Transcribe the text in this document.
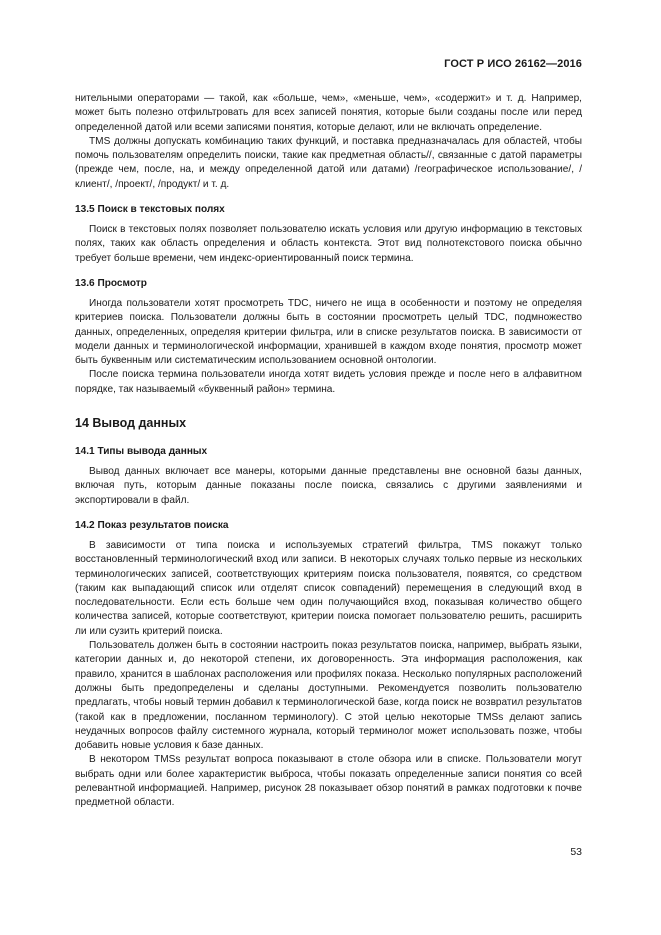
ГОСТ Р ИСО 26162—2016

нительными операторами — такой, как «больше, чем», «меньше, чем», «содержит» и т. д. Например, может быть полезно отфильтровать для всех записей понятия, которые были созданы после или перед определенной датой или всеми записями понятия, которые делают, или не включать определение.

TMS должны допускать комбинацию таких функций, и поставка предназначалась для областей, чтобы помочь пользователям определить поиски, такие как предметная область//, связанные с датой параметры (прежде чем, после, на, и между определенной датой или датами) /географическое использование/, /клиент/, /проект/, /продукт/ и т. д.

13.5 Поиск в текстовых полях

Поиск в текстовых полях позволяет пользователю искать условия или другую информацию в текстовых полях, таких как область определения и область контекста. Этот вид полнотекстового поиска обычно требует больше времени, чем индекс-ориентированный поиск термина.

13.6 Просмотр

Иногда пользователи хотят просмотреть TDC, ничего не ища в особенности и поэтому не определяя критериев поиска. Пользователи должны быть в состоянии просмотреть целый TDC, подмножество данных, определенных, определяя критерии фильтра, или в списке результатов поиска. В зависимости от модели данных и терминологической информации, хранившей в каждом входе понятия, просмотр может быть буквенным или систематическим использованием основной онтологии.

После поиска термина пользователи иногда хотят видеть условия прежде и после него в алфавитном порядке, так называемый «буквенный район» термина.

14 Вывод данных
14.1 Типы вывода данных

Вывод данных включает все манеры, которыми данные представлены вне основной базы данных, включая путь, которым данные показаны после поиска, связались с другими заявлениями и экспортировали в файл.

14.2 Показ результатов поиска

В зависимости от типа поиска и используемых стратегий фильтра, TMS покажут только восстановленный терминологический вход или записи. В некоторых случаях только первые из нескольких терминологических записей, соответствующих критериям поиска пользователя, появятся, со средством (таким как выпадающий список или отделят список совпадений) перемещения в следующий вход в последовательности. Если есть больше чем один получающийся вход, показывая количество общего количества записей, которые соответствуют, критерии поиска помогает пользователю решить, расширить ли или сузить критерий поиска.

Пользователь должен быть в состоянии настроить показ результатов поиска, например, выбрать языки, категории данных и, до некоторой степени, их договоренность. Эта информация расположения, как правило, хранится в шаблонах расположения или профилях показа. Несколько популярных расположений должны быть предопределены и сделаны доступными. Рекомендуется позволить пользователю предлагать, чтобы новый термин добавил к терминологической базе, когда поиск не возвратил результатов (такой как в предложении, посланном терминологу). С этой целью некоторые TMSs делают запись неудачных вопросов файлу системного журнала, который терминолог может использовать позже, чтобы добавить новые условия к базе данных.

В некотором TMSs результат вопроса показывают в столе обзора или в списке. Пользователи могут выбрать одни или более характеристик выброса, чтобы показать определенные записи понятия со всей релевантной информацией. Например, рисунок 28 показывает обзор понятий в рамках подготовки к почве предметной области.

53
